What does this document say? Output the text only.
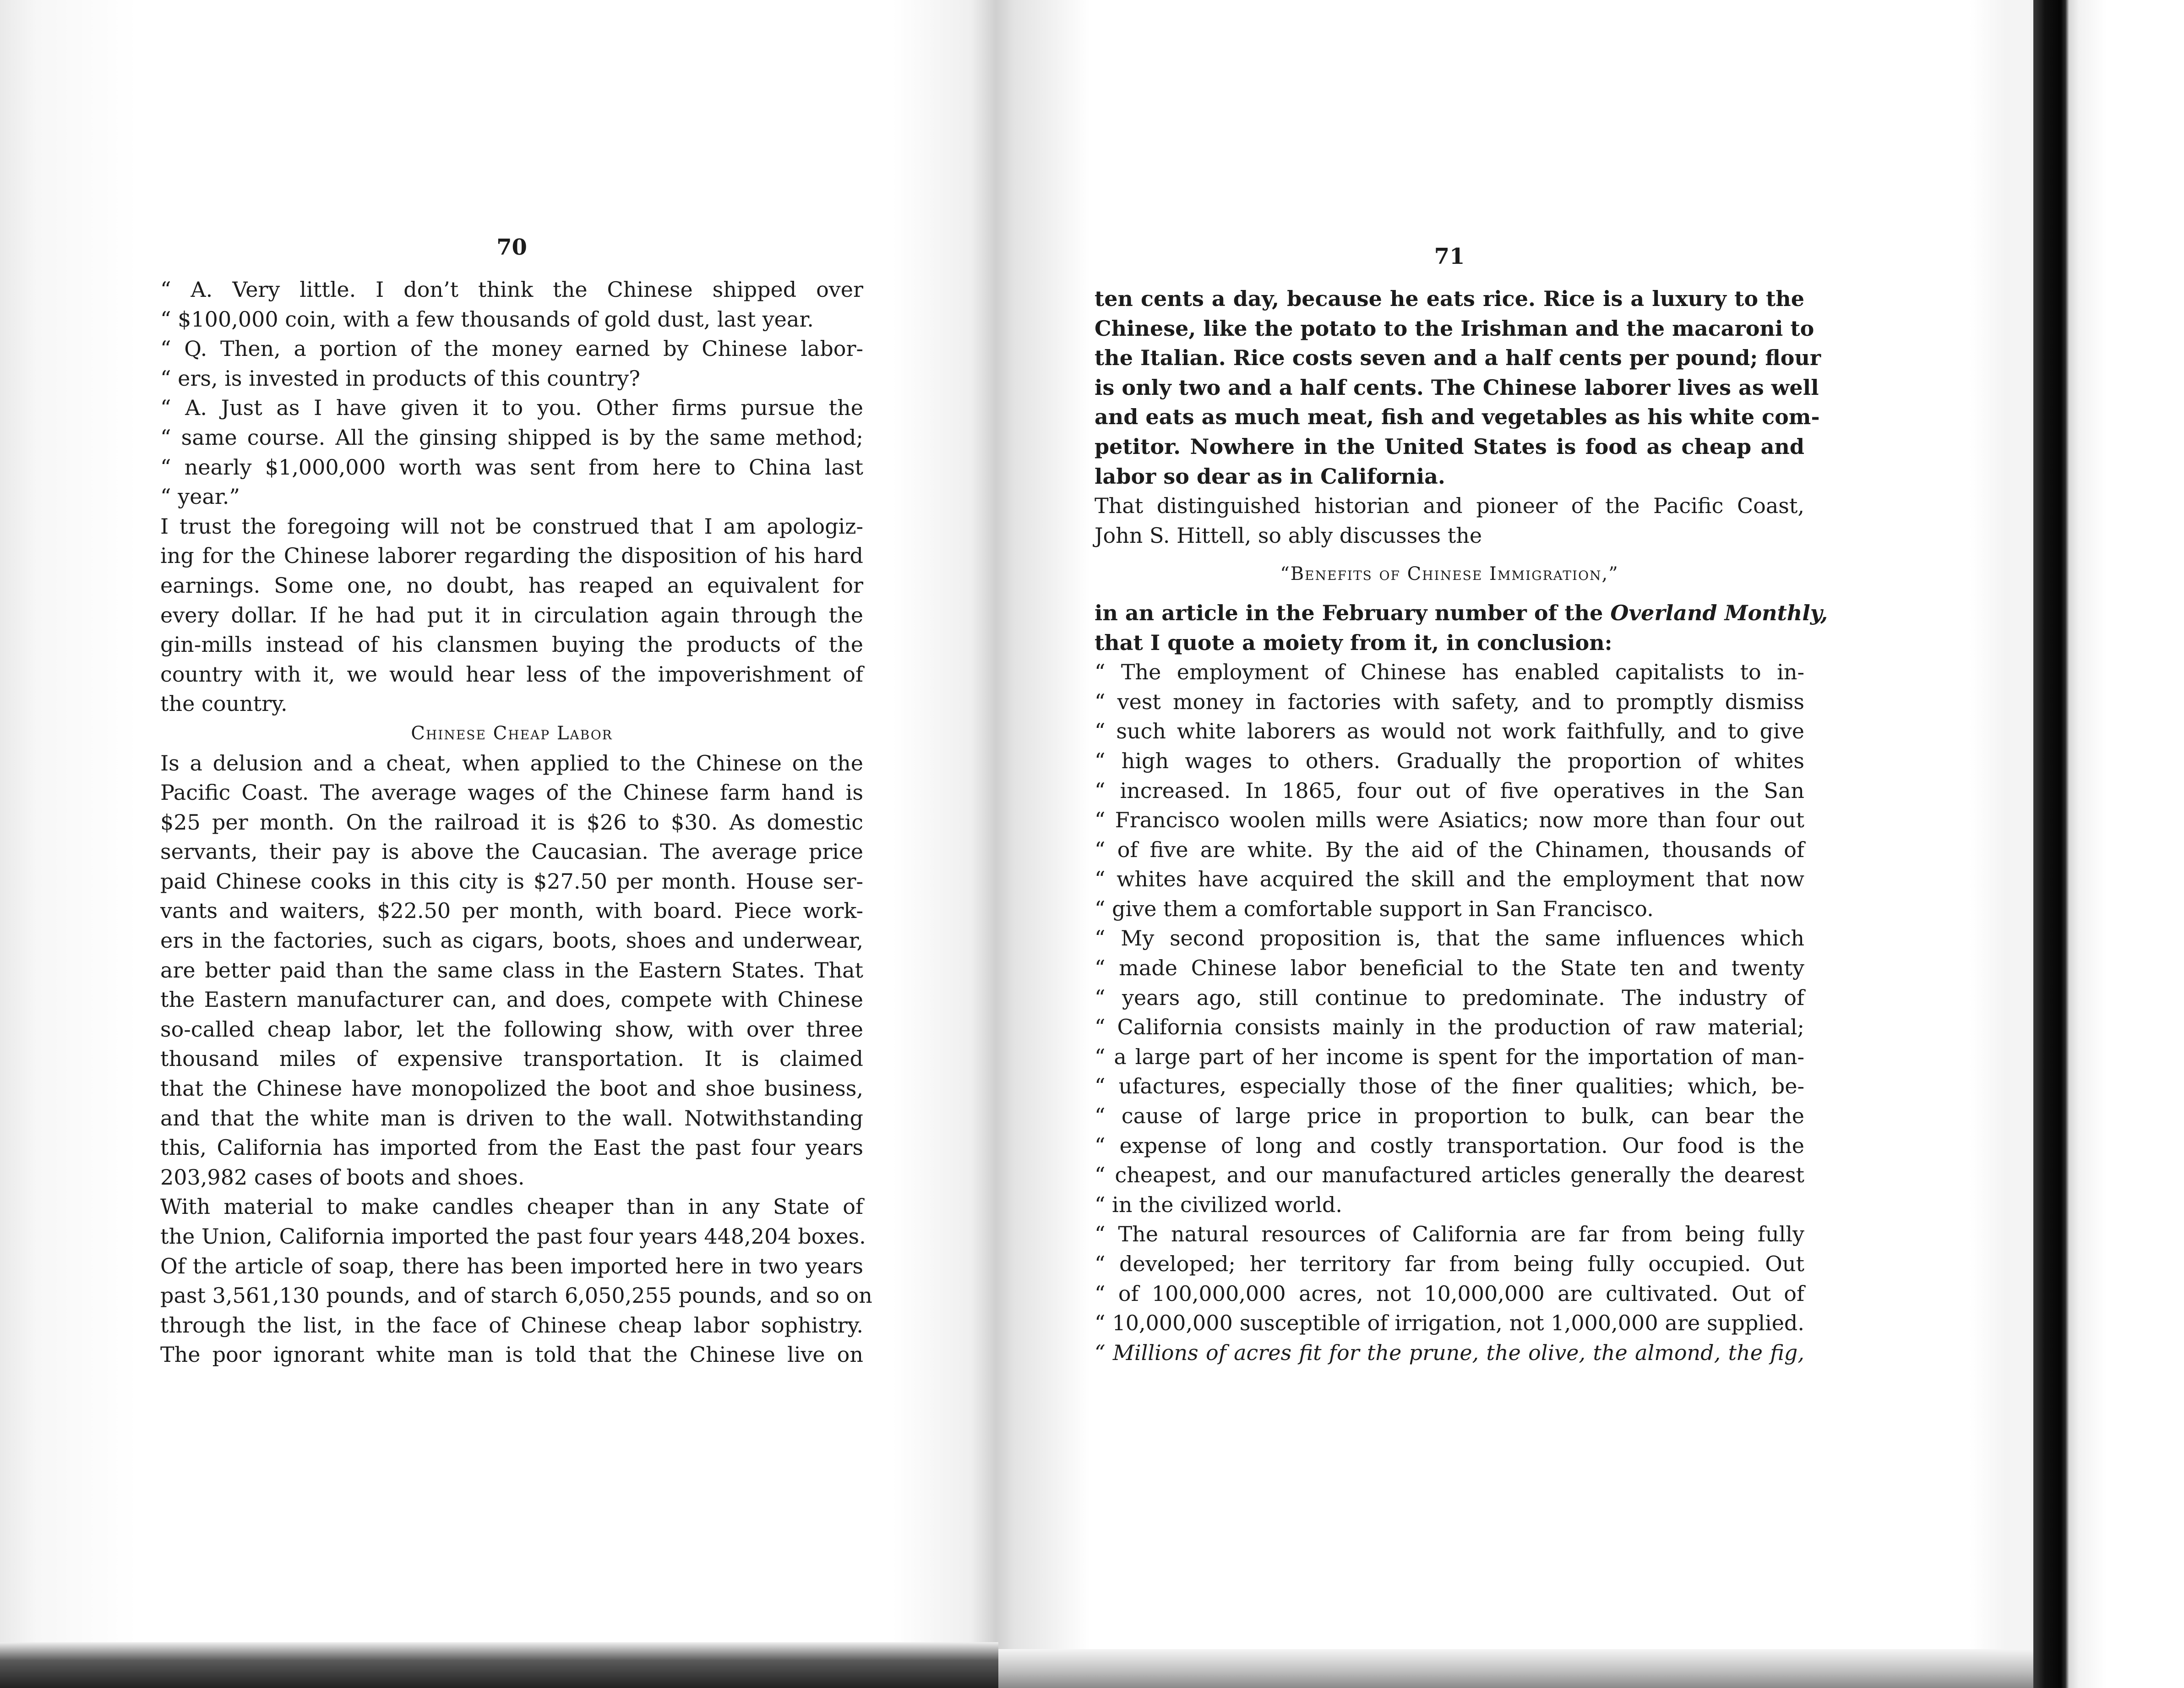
70
“ A. Very little. I don’t think the Chinese shipped over
“ $100,000 coin, with a few thousands of gold dust, last year.
“ Q. Then, a portion of the money earned by Chinese labor-
“ ers, is invested in products of this country?
“ A. Just as I have given it to you. Other firms pursue the
“ same course. All the ginsing shipped is by the same method;
“ nearly $1,000,000 worth was sent from here to China last
“ year.”
I trust the foregoing will not be construed that I am apologiz-
ing for the Chinese laborer regarding the disposition of his hard
earnings. Some one, no doubt, has reaped an equivalent for
every dollar. If he had put it in circulation again through the
gin-mills instead of his clansmen buying the products of the
country with it, we would hear less of the impoverishment of
the country.
Chinese Cheap Labor
Is a delusion and a cheat, when applied to the Chinese on the
Pacific Coast. The average wages of the Chinese farm hand is
$25 per month. On the railroad it is $26 to $30. As domestic
servants, their pay is above the Caucasian. The average price
paid Chinese cooks in this city is $27.50 per month. House ser-
vants and waiters, $22.50 per month, with board. Piece work-
ers in the factories, such as cigars, boots, shoes and underwear,
are better paid than the same class in the Eastern States. That
the Eastern manufacturer can, and does, compete with Chinese
so-called cheap labor, let the following show, with over three
thousand miles of expensive transportation. It is claimed
that the Chinese have monopolized the boot and shoe business,
and that the white man is driven to the wall. Notwithstanding
this, California has imported from the East the past four years
203,982 cases of boots and shoes.
With material to make candles cheaper than in any State of
the Union, California imported the past four years 448,204 boxes.
Of the article of soap, there has been imported here in two years
past 3,561,130 pounds, and of starch 6,050,255 pounds, and so on
through the list, in the face of Chinese cheap labor sophistry.
The poor ignorant white man is told that the Chinese live on
71
ten cents a day, because he eats rice. Rice is a luxury to the
Chinese, like the potato to the Irishman and the macaroni to
the Italian. Rice costs seven and a half cents per pound; flour
is only two and a half cents. The Chinese laborer lives as well
and eats as much meat, fish and vegetables as his white com-
petitor. Nowhere in the United States is food as cheap and
labor so dear as in California.
That distinguished historian and pioneer of the Pacific Coast,
John S. Hittell, so ably discusses the
“Benefits of Chinese Immigration,”
in an article in the February number of the Overland Monthly,
that I quote a moiety from it, in conclusion:
“ The employment of Chinese has enabled capitalists to in-
“ vest money in factories with safety, and to promptly dismiss
“ such white laborers as would not work faithfully, and to give
“ high wages to others. Gradually the proportion of whites
“ increased. In 1865, four out of five operatives in the San
“ Francisco woolen mills were Asiatics; now more than four out
“ of five are white. By the aid of the Chinamen, thousands of
“ whites have acquired the skill and the employment that now
“ give them a comfortable support in San Francisco.
“ My second proposition is, that the same influences which
“ made Chinese labor beneficial to the State ten and twenty
“ years ago, still continue to predominate. The industry of
“ California consists mainly in the production of raw material;
“ a large part of her income is spent for the importation of man-
“ ufactures, especially those of the finer qualities; which, be-
“ cause of large price in proportion to bulk, can bear the
“ expense of long and costly transportation. Our food is the
“ cheapest, and our manufactured articles generally the dearest
“ in the civilized world.
“ The natural resources of California are far from being fully
“ developed; her territory far from being fully occupied. Out
“ of 100,000,000 acres, not 10,000,000 are cultivated. Out of
“ 10,000,000 susceptible of irrigation, not 1,000,000 are supplied.
“ Millions of acres fit for the prune, the olive, the almond, the fig,
